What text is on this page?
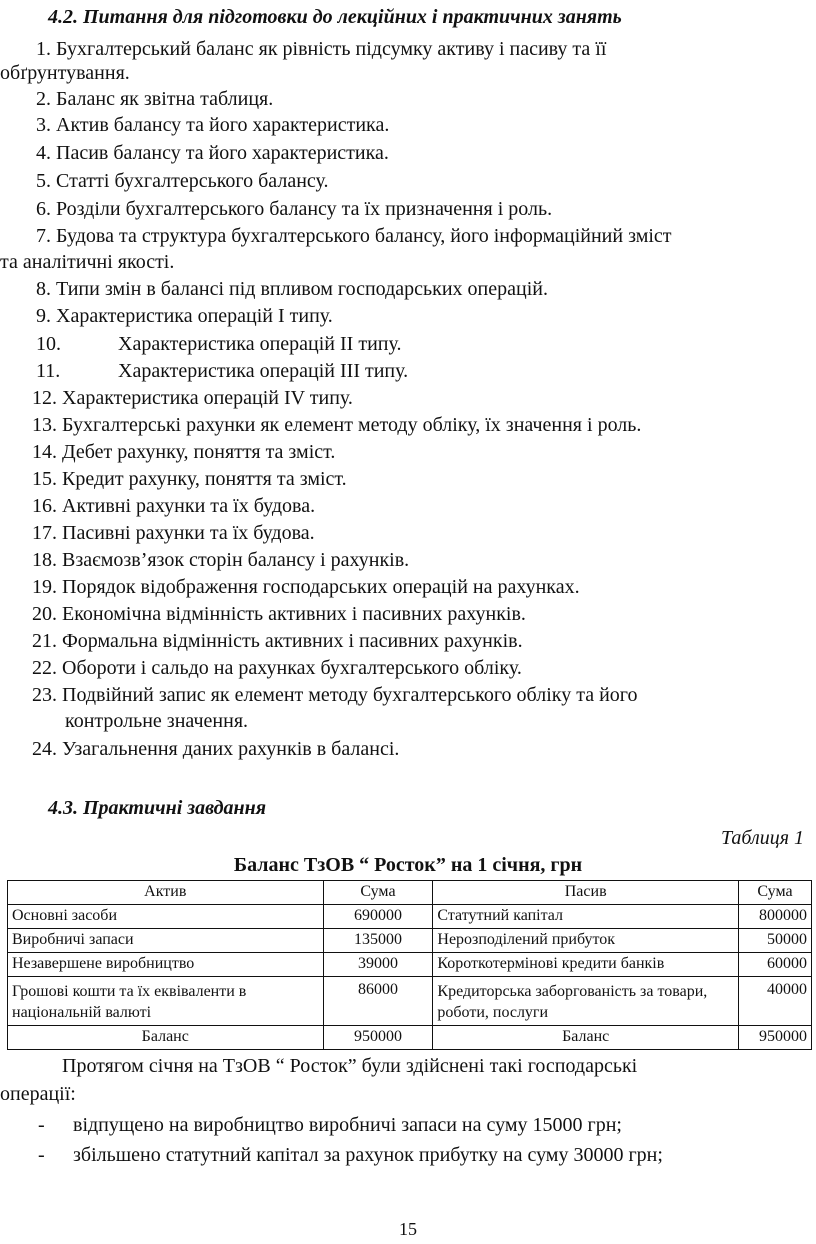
4.2. Питання для підготовки до лекційних і практичних занять
1. Бухгалтерський баланс як рівність підсумку активу і пасиву та її
обґрунтування.
2. Баланс як звітна таблиця.
3. Актив балансу та його характеристика.
4. Пасив балансу та його характеристика.
5. Статті бухгалтерського балансу.
6. Розділи бухгалтерського балансу та їх призначення і роль.
7. Будова та структура бухгалтерського балансу, його інформаційний зміст
та аналітичні якості.
8. Типи змін в балансі під впливом господарських операцій.
9. Характеристика операцій І типу.
10.	Характеристика операцій ІІ типу.
11.	Характеристика операцій ІІІ типу.
12. Характеристика операцій ІV типу.
13. Бухгалтерські рахунки як елемент методу обліку, їх значення і роль.
14. Дебет рахунку, поняття та зміст.
15. Кредит рахунку, поняття та зміст.
16. Активні рахунки та їх будова.
17. Пасивні рахунки та їх будова.
18. Взаємозв’язок сторін балансу і рахунків.
19. Порядок відображення господарських операцій на рахунках.
20. Економічна відмінність активних і пасивних рахунків.
21. Формальна відмінність активних і пасивних рахунків.
22. Обороти і сальдо на рахунках бухгалтерського обліку.
23. Подвійний запис як елемент методу бухгалтерського обліку та його
контрольне значення.
24. Узагальнення даних рахунків в балансі.
4.3. Практичні завдання
Таблиця 1
Баланс ТзОВ “ Росток” на 1 січня, грн
Актив	Сума	Пасив	Сума
Основні засоби	690000	Статутний капітал	800000
Виробничі запаси	135000	Нерозподілений прибуток	50000
Незавершене виробництво	39000	Короткотермінові кредити банків	60000
Грошові кошти та їх еквіваленти в національній валюті	86000	Кредиторська заборгованість за товари, роботи, послуги	40000
Баланс	950000	Баланс	950000
Протягом січня на ТзОВ “ Росток” були здійснені такі господарські
операції:
- відпущено на виробництво виробничі запаси на суму 15000 грн;
- збільшено статутний капітал за рахунок прибутку на суму 30000 грн;
15
